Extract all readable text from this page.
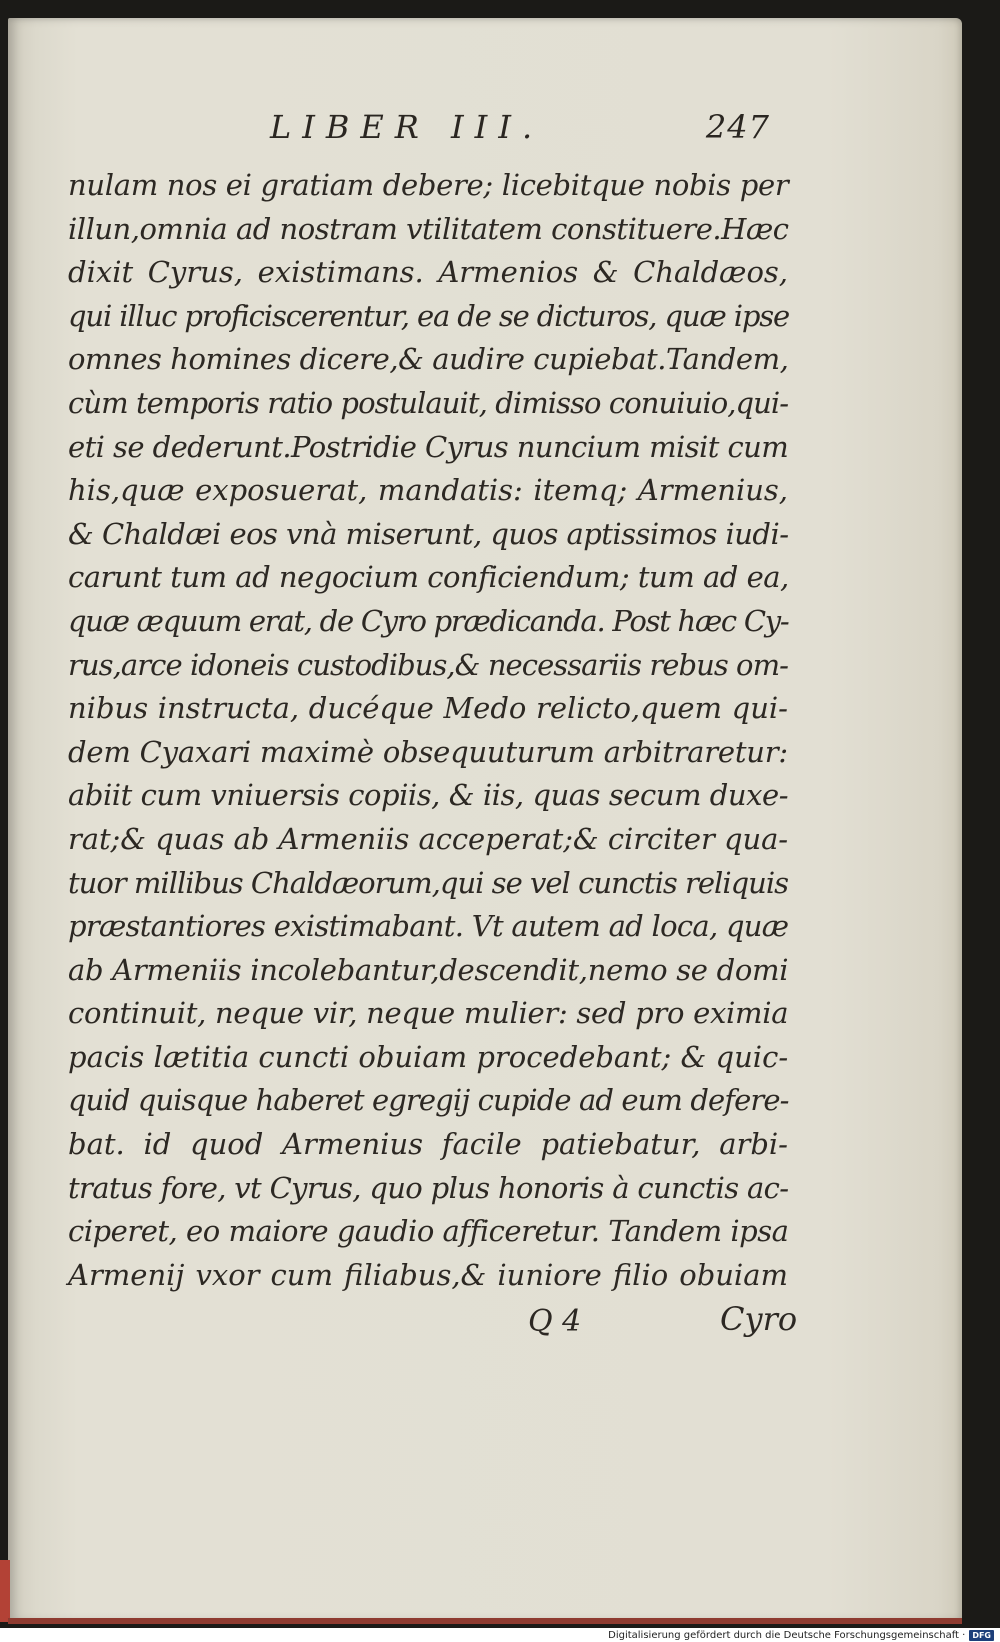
LIBER III.	247
nulam nos ei gratiam debere; licebitque nobis per
illun,omnia ad nostram vtilitatem constituere.Hæc
dixit Cyrus, existimans. Armenios & Chaldæos,
qui illuc proficiscerentur, ea de se dicturos, quæ ipse
omnes homines dicere,& audire cupiebat.Tandem,
cùm temporis ratio postulauit, dimisso conuiuio,qui-
eti se dederunt.Postridie Cyrus nuncium misit cum
his,quæ exposuerat, mandatis: itemq; Armenius,
& Chaldæi eos vnà miserunt, quos aptissimos iudi-
carunt tum ad negocium conficiendum; tum ad ea,
quæ æquum erat, de Cyro prædicanda. Post hæc Cy-
rus,arce idoneis custodibus,& necessariis rebus om-
nibus instructa, ducéque Medo relicto,quem qui-
dem Cyaxari maximè obsequuturum arbitraretur:
abiit cum vniuersis copiis, & iis, quas secum duxe-
rat;& quas ab Armeniis acceperat;& circiter qua-
tuor millibus Chaldæorum,qui se vel cunctis reliquis
præstantiores existimabant. Vt autem ad loca, quæ
ab Armeniis incolebantur,descendit,nemo se domi
continuit, neque vir, neque mulier: sed pro eximia
pacis lætitia cuncti obuiam procedebant; & quic-
quid quisque haberet egregij cupide ad eum defere-
bat. id quod Armenius facile patiebatur, arbi-
tratus fore, vt Cyrus, quo plus honoris à cunctis ac-
ciperet, eo maiore gaudio afficeretur. Tandem ipsa
Armenij vxor cum filiabus,& iuniore filio obuiam
Q 4	Cyro
Digitalisierung gefördert durch die Deutsche Forschungsgemeinschaft · DFG
